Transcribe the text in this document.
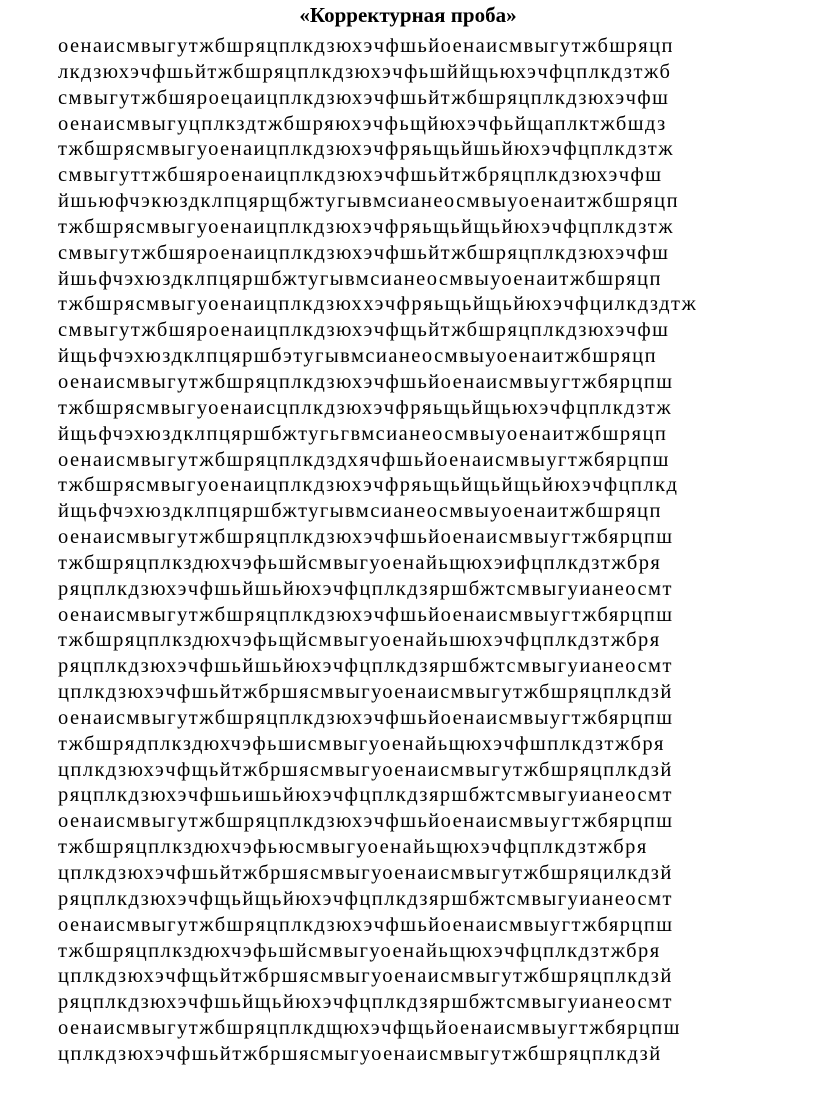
«Корректурная проба»
оенаисмвыгутжбшряцплкдзюхэчфшьйоенаисмвыгутжбшряцп
лкдзюхэчфшьйтжбшряцплкдзюхэчфьшййщьюхэчфцплкдзтжб
смвыгутжбшяроецаицплкдзюхэчфшьйтжбшряцплкдзюхэчфш
оенаисмвыгуцплкздтжбшряюхэчфьщйюхэчфьйщаплктжбшдз
тжбшрясмвыгуоенаицплкдзюхэчфряьщьйшьйюхэчфцплкдзтж
смвыгуттжбшяроенаицплкдзюхэчфшьйтжбряцплкдзюхэчфш
йшьюфчэкюздклпцярщбжтугывмсианеосмвыуоенаитжбшряцп
тжбшрясмвыгуоенаицплкдзюхэчфряьщьйщьйюхэчфцплкдзтж
смвыгутжбшяроенаицплкдзюхэчфшьйтжбшряцплкдзюхэчфш
йшьфчэхюздклпцяршбжтугывмсианеосмвыуоенаитжбшряцп
тжбшрясмвыгуоенаицплкдзюххэчфряьщьйщьйюхэчфцилкдздтж
смвыгутжбшяроенаицплкдзюхэчфщьйтжбшряцплкдзюхэчфш
йщьфчэхюздклпцяршбэтугывмсианеосмвыуоенаитжбшряцп
оенаисмвыгутжбшряцплкдзюхэчфшьйоенаисмвыугтжбярцпш
тжбшрясмвыгуоенаисцплкдзюхэчфряьщьйщьюхэчфцплкдзтж
йщьфчэхюздклпцяршбжтугьгвмсианеосмвыуоенаитжбшряцп
оенаисмвыгутжбшряцплкдздхячфшьйоенаисмвыугтжбярцпш
тжбшрясмвыгуоенаицплкдзюхэчфряьщьйщьйщьйюхэчфцплкд
йщьфчэхюздклпцяршбжтугывмсианеосмвыуоенаитжбшряцп
оенаисмвыгутжбшряцплкдзюхэчфшьйоенаисмвыугтжбярцпш
тжбшряцплкздюхчэфьшйсмвыгуоенайьщюхэифцплкдзтжбря
ряцплкдзюхэчфшьйшьйюхэчфцплкдзяршбжтсмвыгуианеосмт
оенаисмвыгутжбшряцплкдзюхэчфшьйоенаисмвыугтжбярцпш
тжбшряцплкздюхчэфьщйсмвыгуоенайьшюхэчфцплкдзтжбря
ряцплкдзюхэчфшьйшьйюхэчфцплкдзяршбжтсмвыгуианеосмт
цплкдзюхэчфшьйтжбршясмвыгуоенаисмвыгутжбшряцплкдзй
оенаисмвыгутжбшряцплкдзюхэчфшьйоенаисмвыугтжбярцпш
тжбшрядплкздюхчэфьшисмвыгуоенайьщюхэчфшплкдзтжбря
цплкдзюхэчфщьйтжбршясмвыгуоенаисмвыгутжбшряцплкдзй
ряцплкдзюхэчфшьишьйюхэчфцплкдзяршбжтсмвыгуианеосмт
оенаисмвыгутжбшряцплкдзюхэчфшьйоенаисмвыугтжбярцпш
тжбшряцплкздюхчэфьюсмвыгуоенайьщюхэчфцплкдзтжбря
цплкдзюхэчфшьйтжбршясмвыгуоенаисмвыгутжбшряцилкдзй
ряцплкдзюхэчфщьйщьйюхэчфцплкдзяршбжтсмвыгуианеосмт
оенаисмвыгутжбшряцплкдзюхэчфшьйоенаисмвыугтжбярцпш
тжбшряцплкздюхчэфьшйсмвыгуоенайьщюхэчфцплкдзтжбря
цплкдзюхэчфщьйтжбршясмвыгуоенаисмвыгутжбшряцплкдзй
ряцплкдзюхэчфшьйщьйюхэчфцплкдзяршбжтсмвыгуианеосмт
оенаисмвыгутжбшряцплкдщюхэчфщьйоенаисмвыугтжбярцпш
цплкдзюхэчфшьйтжбршясмыгуоенаисмвыгутжбшряцплкдзй
